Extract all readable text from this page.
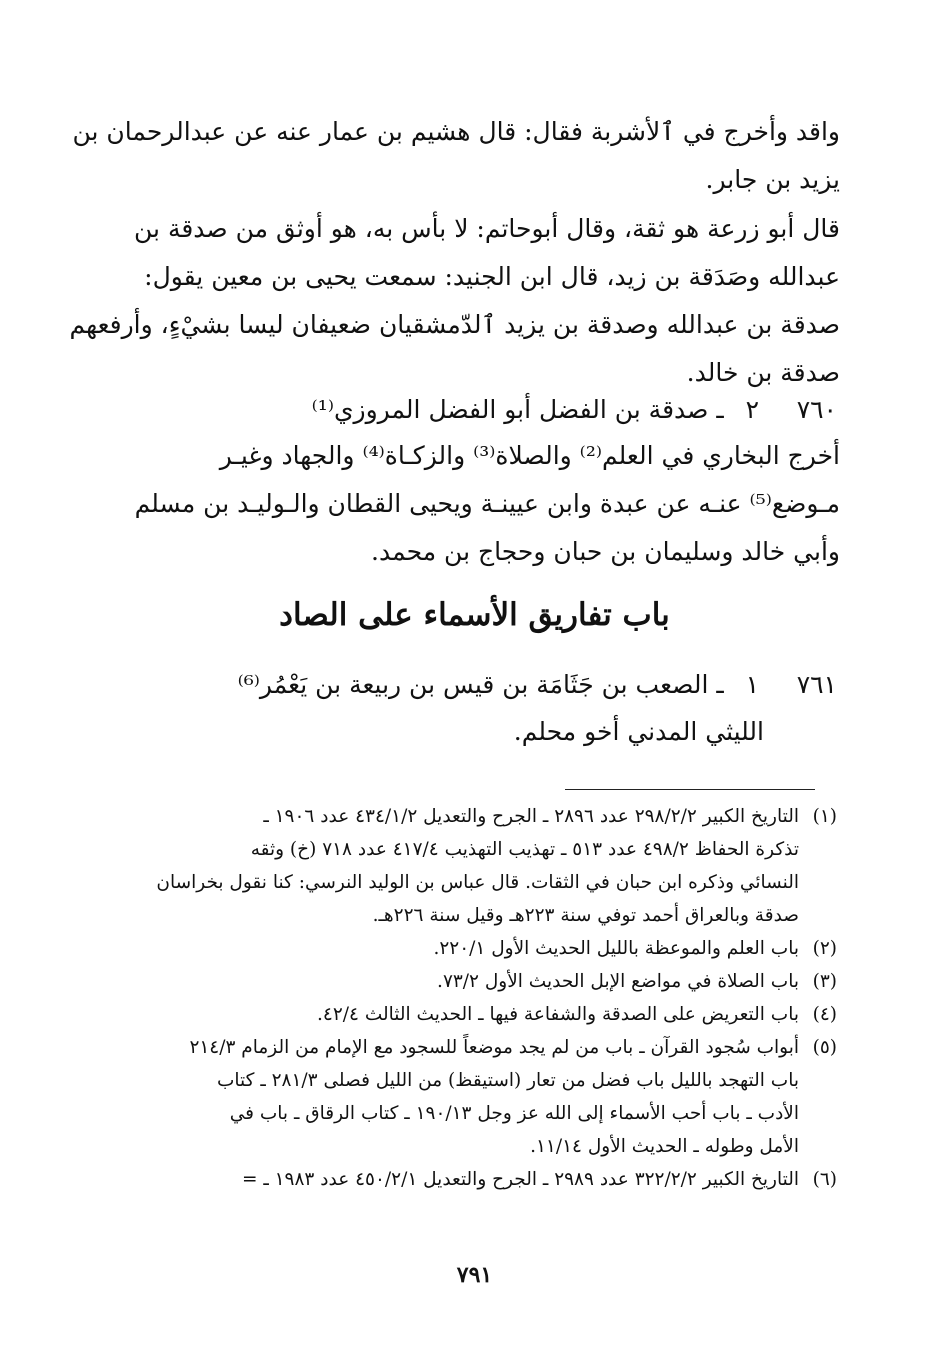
واقد وأخرج في ٱلأشربة فقال: قال هشيم بن عمار عنه عن عبدالرحمان بن
يزيد بن جابر.
قال أبو زرعة هو ثقة، وقال أبوحاتم: لا بأس به، هو أوثق من صدقة بن
عبدالله وصَدَقة بن زيد، قال ابن الجنيد: سمعت يحيى بن معين يقول:
صدقة بن عبدالله وصدقة بن يزيد ٱلدّمشقيان ضعيفان ليسا بشيْءٍ، وأرفعهم
صدقة بن خالد.
٧٦٠ ٢ ـ صدقة بن الفضل أبو الفضل المروزي⁽¹⁾
أخرج البخاري في العلم⁽²⁾ والصلاة⁽³⁾ والزكـاة⁽⁴⁾ والجهاد وغيـر
مـوضع⁽⁵⁾ عنـه عن عبدة وابن عيينـة ويحيى القطان والـوليـد بن مسلم
وأبي خالد وسليمان بن حبان وحجاج بن محمد.
باب تفاريق الأسماء على الصاد
٧٦١ ١ ـ الصعب بن جَثَامَة بن قيس بن ربيعة بن يَعْمُر⁽⁶⁾
الليثي المدني أخو محلم.
(١)
التاريخ الكبير ٢٩٨/٢/٢ عدد ٢٨٩٦ ـ الجرح والتعديل ٤٣٤/١/٢ عدد ١٩٠٦ ـ
تذكرة الحفاظ ٤٩٨/٢ عدد ٥١٣ ـ تهذيب التهذيب ٤١٧/٤ عدد ٧١٨ (خ) وثقه
النسائي وذكره ابن حبان في الثقات. قال عباس بن الوليد النرسي: كنا نقول بخراسان
صدقة وبالعراق أحمد توفي سنة ٢٢٣هـ وقيل سنة ٢٢٦هـ.
(٢)
باب العلم والموعظة بالليل الحديث الأول ٢٢٠/١.
(٣)
باب الصلاة في مواضع الإبل الحديث الأول ٧٣/٢.
(٤)
باب التعريض على الصدقة والشفاعة فيها ـ الحديث الثالث ٤٢/٤.
(٥)
أبواب سُجود القرآن ـ باب من لم يجد موضعاً للسجود مع الإمام من الزمام ٢١٤/٣
باب التهجد بالليل باب فضل من تعار (استيقظ) من الليل فصلى ٢٨١/٣ ـ كتاب
الأدب ـ باب أحب الأسماء إلى الله عز وجل ١٩٠/١٣ ـ كتاب الرقاق ـ باب في
الأمل وطوله ـ الحديث الأول ١١/١٤.
(٦)
التاريخ الكبير ٣٢٢/٢/٢ عدد ٢٩٨٩ ـ الجرح والتعديل ٤٥٠/٢/١ عدد ١٩٨٣ ـ =
٧٩١
